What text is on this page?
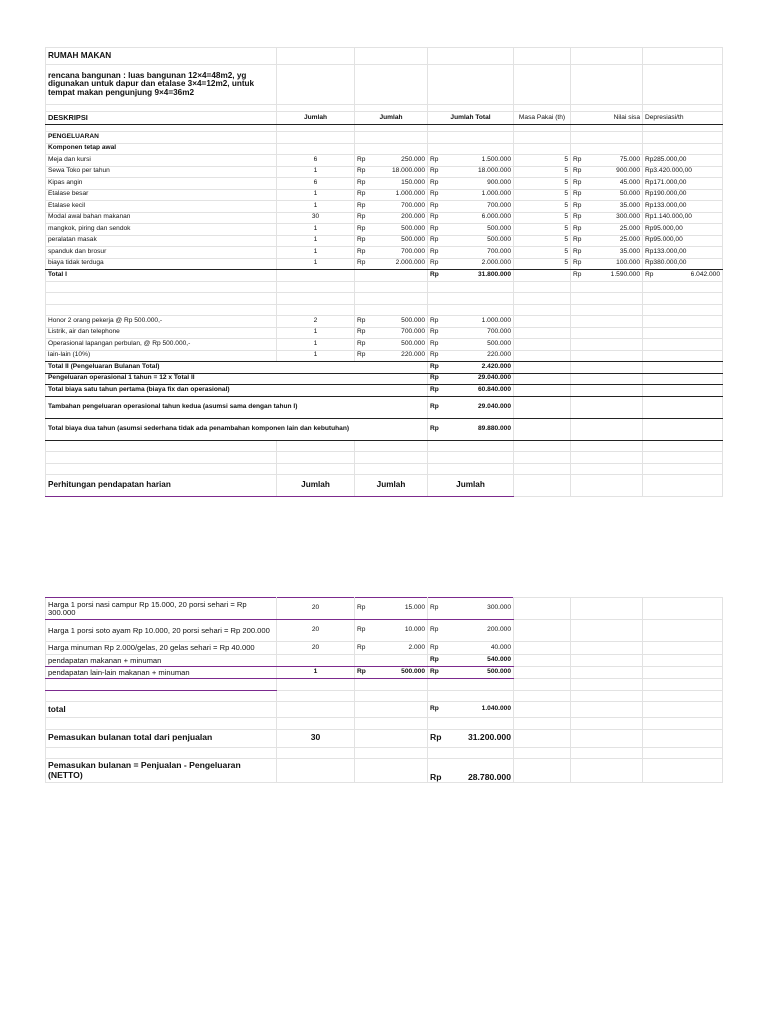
RUMAH MAKAN						
rencana bangunan : luas bangunan 12×4=48m2, yg digunakan untuk dapur dan etalase 3×4=12m2, untuk tempat makan pengunjung 9×4=36m2						

DESKRIPSI	Jumlah	Jumlah	Jumlah Total	Masa Pakai (th)	Nilai sisa	Depresiasi/th

PENGELUARAN						
Komponen tetap awal						
Meja dan kursi	6	Rp 250.000	Rp 1.500.000	5	Rp 75.000	Rp285.000,00
Sewa Toko per tahun	1	Rp 18.000.000	Rp 18.000.000	5	Rp 900.000	Rp3.420.000,00
Kipas angin	6	Rp 150.000	Rp 900.000	5	Rp 45.000	Rp171.000,00
Etalase besar	1	Rp 1.000.000	Rp 1.000.000	5	Rp 50.000	Rp190.000,00
Etalase kecil	1	Rp 700.000	Rp 700.000	5	Rp 35.000	Rp133.000,00
Modal awal bahan makanan	30	Rp 200.000	Rp 6.000.000	5	Rp 300.000	Rp1.140.000,00
mangkok, piring dan sendok	1	Rp 500.000	Rp 500.000	5	Rp 25.000	Rp95.000,00
peralatan masak	1	Rp 500.000	Rp 500.000	5	Rp 25.000	Rp95.000,00
spanduk dan brosur	1	Rp 700.000	Rp 700.000	5	Rp 35.000	Rp133.000,00
biaya tidak terduga	1	Rp 2.000.000	Rp 2.000.000	5	Rp 100.000	Rp380.000,00
Total I			Rp 31.800.000		Rp 1.590.000	Rp 6.042.000

Honor 2 orang pekerja @ Rp 500.000,-	2	Rp 500.000	Rp 1.000.000			

Listrik, air dan telephone	1	Rp 700.000	Rp 700.000			

Operasional lapangan perbulan, @ Rp 500.000,-	1	Rp 500.000	Rp 500.000			

lain-lain (10%)	1	Rp 220.000	Rp 220.000			

Total II (Pengeluaran Bulanan Total)			Rp 2.420.000			

Pengeluaran operasional 1 tahun = 12 x Total II			Rp 29.040.000			

Total biaya satu tahun pertama (biaya fix dan operasional)			Rp 60.840.000			

Tambahan pengeluaran operasional tahun kedua (asumsi sama dengan tahun I)			Rp 29.040.000			

Total biaya dua tahun (asumsi sederhana tidak ada penambahan komponen lain dan kebutuhan)			Rp 89.880.000			

Perhitungan pendapatan harian	Jumlah	Jumlah	Jumlah			
Harga 1 porsi nasi campur Rp 15.000, 20 porsi sehari = Rp 300.000	20	Rp 15.000	Rp 300.000			

Harga 1 porsi soto ayam Rp 10.000, 20 porsi sehari = Rp 200.000	20	Rp 10.000	Rp 200.000			

Harga minuman Rp 2.000/gelas, 20 gelas sehari = Rp 40.000	20	Rp 2.000	Rp 40.000			

pendapatan makanan + minuman			Rp 540.000			

pendapatan lain-lain makanan + minuman	1	Rp 500.000	Rp 500.000			

total			Rp 1.040.000			

Pemasukan bulanan total dari penjualan	30		Rp 31.200.000			

Pemasukan bulanan = Penjualan - Pengeluaran (NETTO)			Rp 28.780.000			
